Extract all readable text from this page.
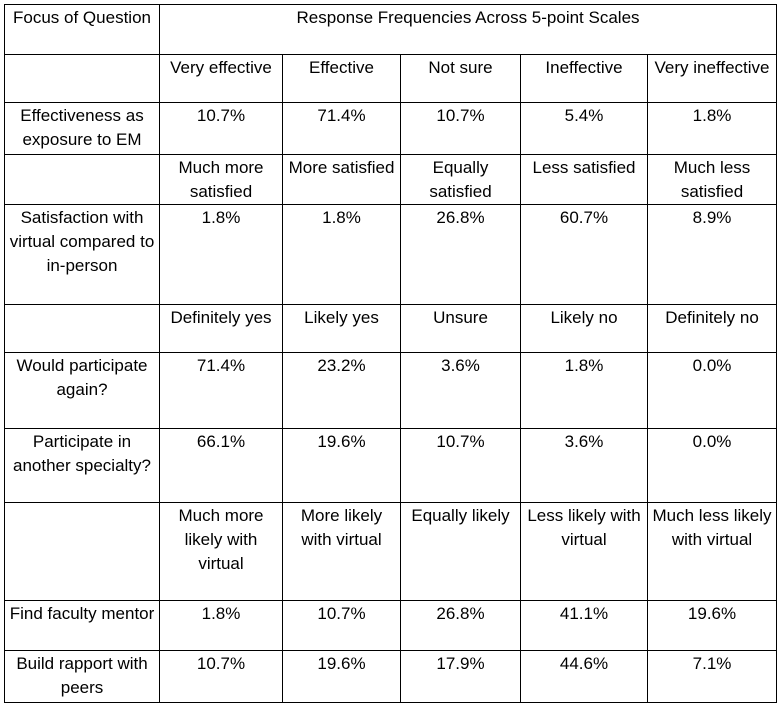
Focus of Question	Response Frequencies Across 5-point Scales				
	Very effective	Effective	Not sure	Ineffective	Very ineffective
Effectiveness as exposure to EM	10.7%	71.4%	10.7%	5.4%	1.8%
	Much more satisfied	More satisfied	Equally satisfied	Less satisfied	Much less satisfied
Satisfaction with virtual compared to in-person	1.8%	1.8%	26.8%	60.7%	8.9%
	Definitely yes	Likely yes	Unsure	Likely no	Definitely no
Would participate again?	71.4%	23.2%	3.6%	1.8%	0.0%
Participate in another specialty?	66.1%	19.6%	10.7%	3.6%	0.0%
	Much more likely with virtual	More likely with virtual	Equally likely	Less likely with virtual	Much less likely with virtual
Find faculty mentor	1.8%	10.7%	26.8%	41.1%	19.6%
Build rapport with peers	10.7%	19.6%	17.9%	44.6%	7.1%
